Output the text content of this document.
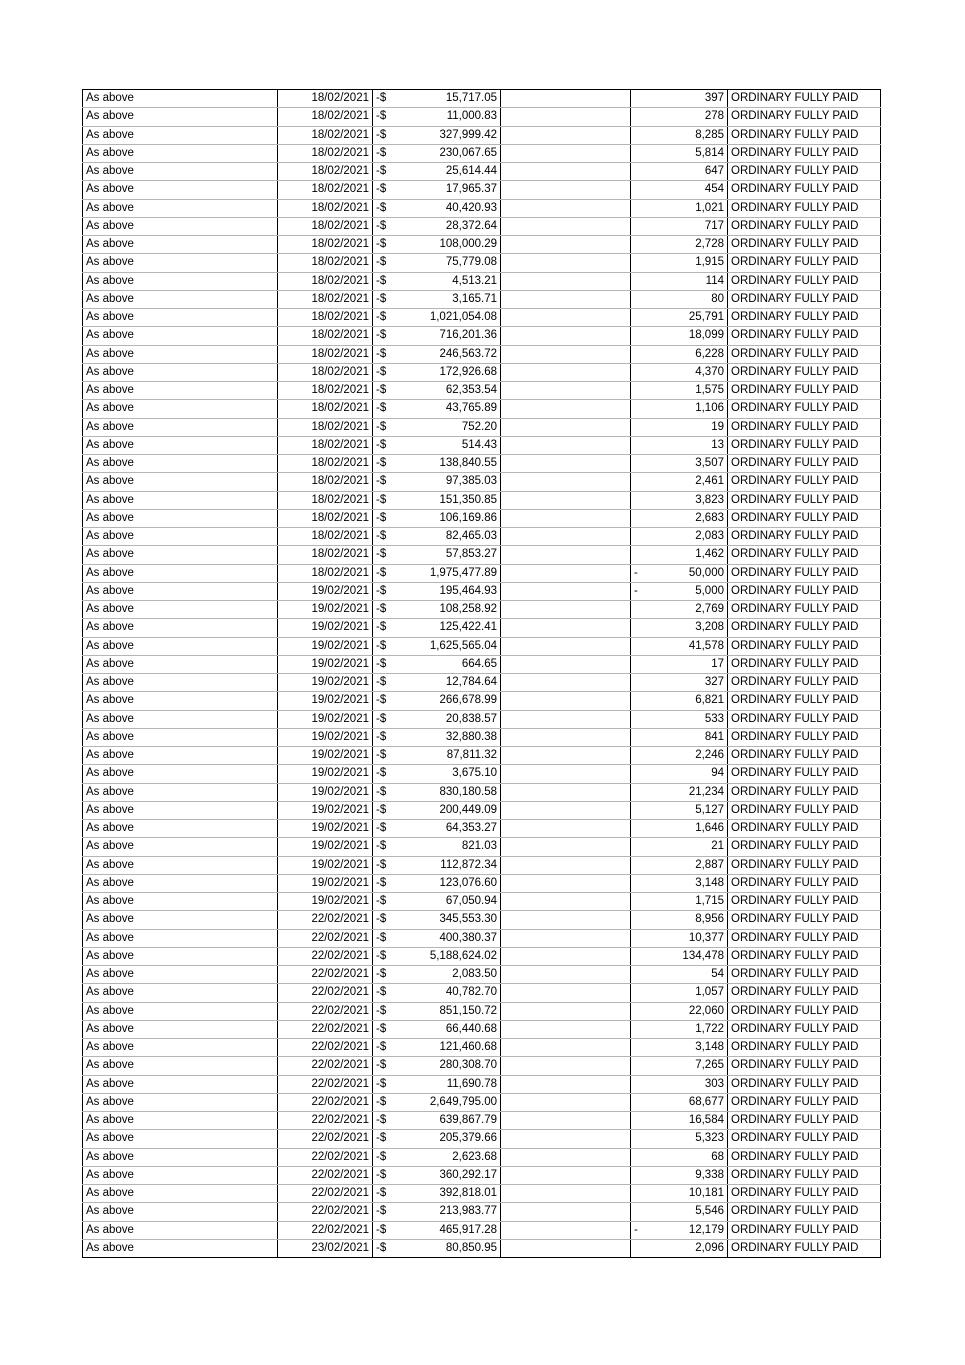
As above	18/02/2021	-$	15,717.05			397	ORDINARY FULLY PAID
As above	18/02/2021	-$	11,000.83			278	ORDINARY FULLY PAID
As above	18/02/2021	-$	327,999.42			8,285	ORDINARY FULLY PAID
As above	18/02/2021	-$	230,067.65			5,814	ORDINARY FULLY PAID
As above	18/02/2021	-$	25,614.44			647	ORDINARY FULLY PAID
As above	18/02/2021	-$	17,965.37			454	ORDINARY FULLY PAID
As above	18/02/2021	-$	40,420.93			1,021	ORDINARY FULLY PAID
As above	18/02/2021	-$	28,372.64			717	ORDINARY FULLY PAID
As above	18/02/2021	-$	108,000.29			2,728	ORDINARY FULLY PAID
As above	18/02/2021	-$	75,779.08			1,915	ORDINARY FULLY PAID
As above	18/02/2021	-$	4,513.21			114	ORDINARY FULLY PAID
As above	18/02/2021	-$	3,165.71			80	ORDINARY FULLY PAID
As above	18/02/2021	-$	1,021,054.08			25,791	ORDINARY FULLY PAID
As above	18/02/2021	-$	716,201.36			18,099	ORDINARY FULLY PAID
As above	18/02/2021	-$	246,563.72			6,228	ORDINARY FULLY PAID
As above	18/02/2021	-$	172,926.68			4,370	ORDINARY FULLY PAID
As above	18/02/2021	-$	62,353.54			1,575	ORDINARY FULLY PAID
As above	18/02/2021	-$	43,765.89			1,106	ORDINARY FULLY PAID
As above	18/02/2021	-$	752.20			19	ORDINARY FULLY PAID
As above	18/02/2021	-$	514.43			13	ORDINARY FULLY PAID
As above	18/02/2021	-$	138,840.55			3,507	ORDINARY FULLY PAID
As above	18/02/2021	-$	97,385.03			2,461	ORDINARY FULLY PAID
As above	18/02/2021	-$	151,350.85			3,823	ORDINARY FULLY PAID
As above	18/02/2021	-$	106,169.86			2,683	ORDINARY FULLY PAID
As above	18/02/2021	-$	82,465.03			2,083	ORDINARY FULLY PAID
As above	18/02/2021	-$	57,853.27			1,462	ORDINARY FULLY PAID
As above	18/02/2021	-$	1,975,477.89		-	50,000	ORDINARY FULLY PAID
As above	19/02/2021	-$	195,464.93		-	5,000	ORDINARY FULLY PAID
As above	19/02/2021	-$	108,258.92			2,769	ORDINARY FULLY PAID
As above	19/02/2021	-$	125,422.41			3,208	ORDINARY FULLY PAID
As above	19/02/2021	-$	1,625,565.04			41,578	ORDINARY FULLY PAID
As above	19/02/2021	-$	664.65			17	ORDINARY FULLY PAID
As above	19/02/2021	-$	12,784.64			327	ORDINARY FULLY PAID
As above	19/02/2021	-$	266,678.99			6,821	ORDINARY FULLY PAID
As above	19/02/2021	-$	20,838.57			533	ORDINARY FULLY PAID
As above	19/02/2021	-$	32,880.38			841	ORDINARY FULLY PAID
As above	19/02/2021	-$	87,811.32			2,246	ORDINARY FULLY PAID
As above	19/02/2021	-$	3,675.10			94	ORDINARY FULLY PAID
As above	19/02/2021	-$	830,180.58			21,234	ORDINARY FULLY PAID
As above	19/02/2021	-$	200,449.09			5,127	ORDINARY FULLY PAID
As above	19/02/2021	-$	64,353.27			1,646	ORDINARY FULLY PAID
As above	19/02/2021	-$	821.03			21	ORDINARY FULLY PAID
As above	19/02/2021	-$	112,872.34			2,887	ORDINARY FULLY PAID
As above	19/02/2021	-$	123,076.60			3,148	ORDINARY FULLY PAID
As above	19/02/2021	-$	67,050.94			1,715	ORDINARY FULLY PAID
As above	22/02/2021	-$	345,553.30			8,956	ORDINARY FULLY PAID
As above	22/02/2021	-$	400,380.37			10,377	ORDINARY FULLY PAID
As above	22/02/2021	-$	5,188,624.02			134,478	ORDINARY FULLY PAID
As above	22/02/2021	-$	2,083.50			54	ORDINARY FULLY PAID
As above	22/02/2021	-$	40,782.70			1,057	ORDINARY FULLY PAID
As above	22/02/2021	-$	851,150.72			22,060	ORDINARY FULLY PAID
As above	22/02/2021	-$	66,440.68			1,722	ORDINARY FULLY PAID
As above	22/02/2021	-$	121,460.68			3,148	ORDINARY FULLY PAID
As above	22/02/2021	-$	280,308.70			7,265	ORDINARY FULLY PAID
As above	22/02/2021	-$	11,690.78			303	ORDINARY FULLY PAID
As above	22/02/2021	-$	2,649,795.00			68,677	ORDINARY FULLY PAID
As above	22/02/2021	-$	639,867.79			16,584	ORDINARY FULLY PAID
As above	22/02/2021	-$	205,379.66			5,323	ORDINARY FULLY PAID
As above	22/02/2021	-$	2,623.68			68	ORDINARY FULLY PAID
As above	22/02/2021	-$	360,292.17			9,338	ORDINARY FULLY PAID
As above	22/02/2021	-$	392,818.01			10,181	ORDINARY FULLY PAID
As above	22/02/2021	-$	213,983.77			5,546	ORDINARY FULLY PAID
As above	22/02/2021	-$	465,917.28		-	12,179	ORDINARY FULLY PAID
As above	23/02/2021	-$	80,850.95			2,096	ORDINARY FULLY PAID
